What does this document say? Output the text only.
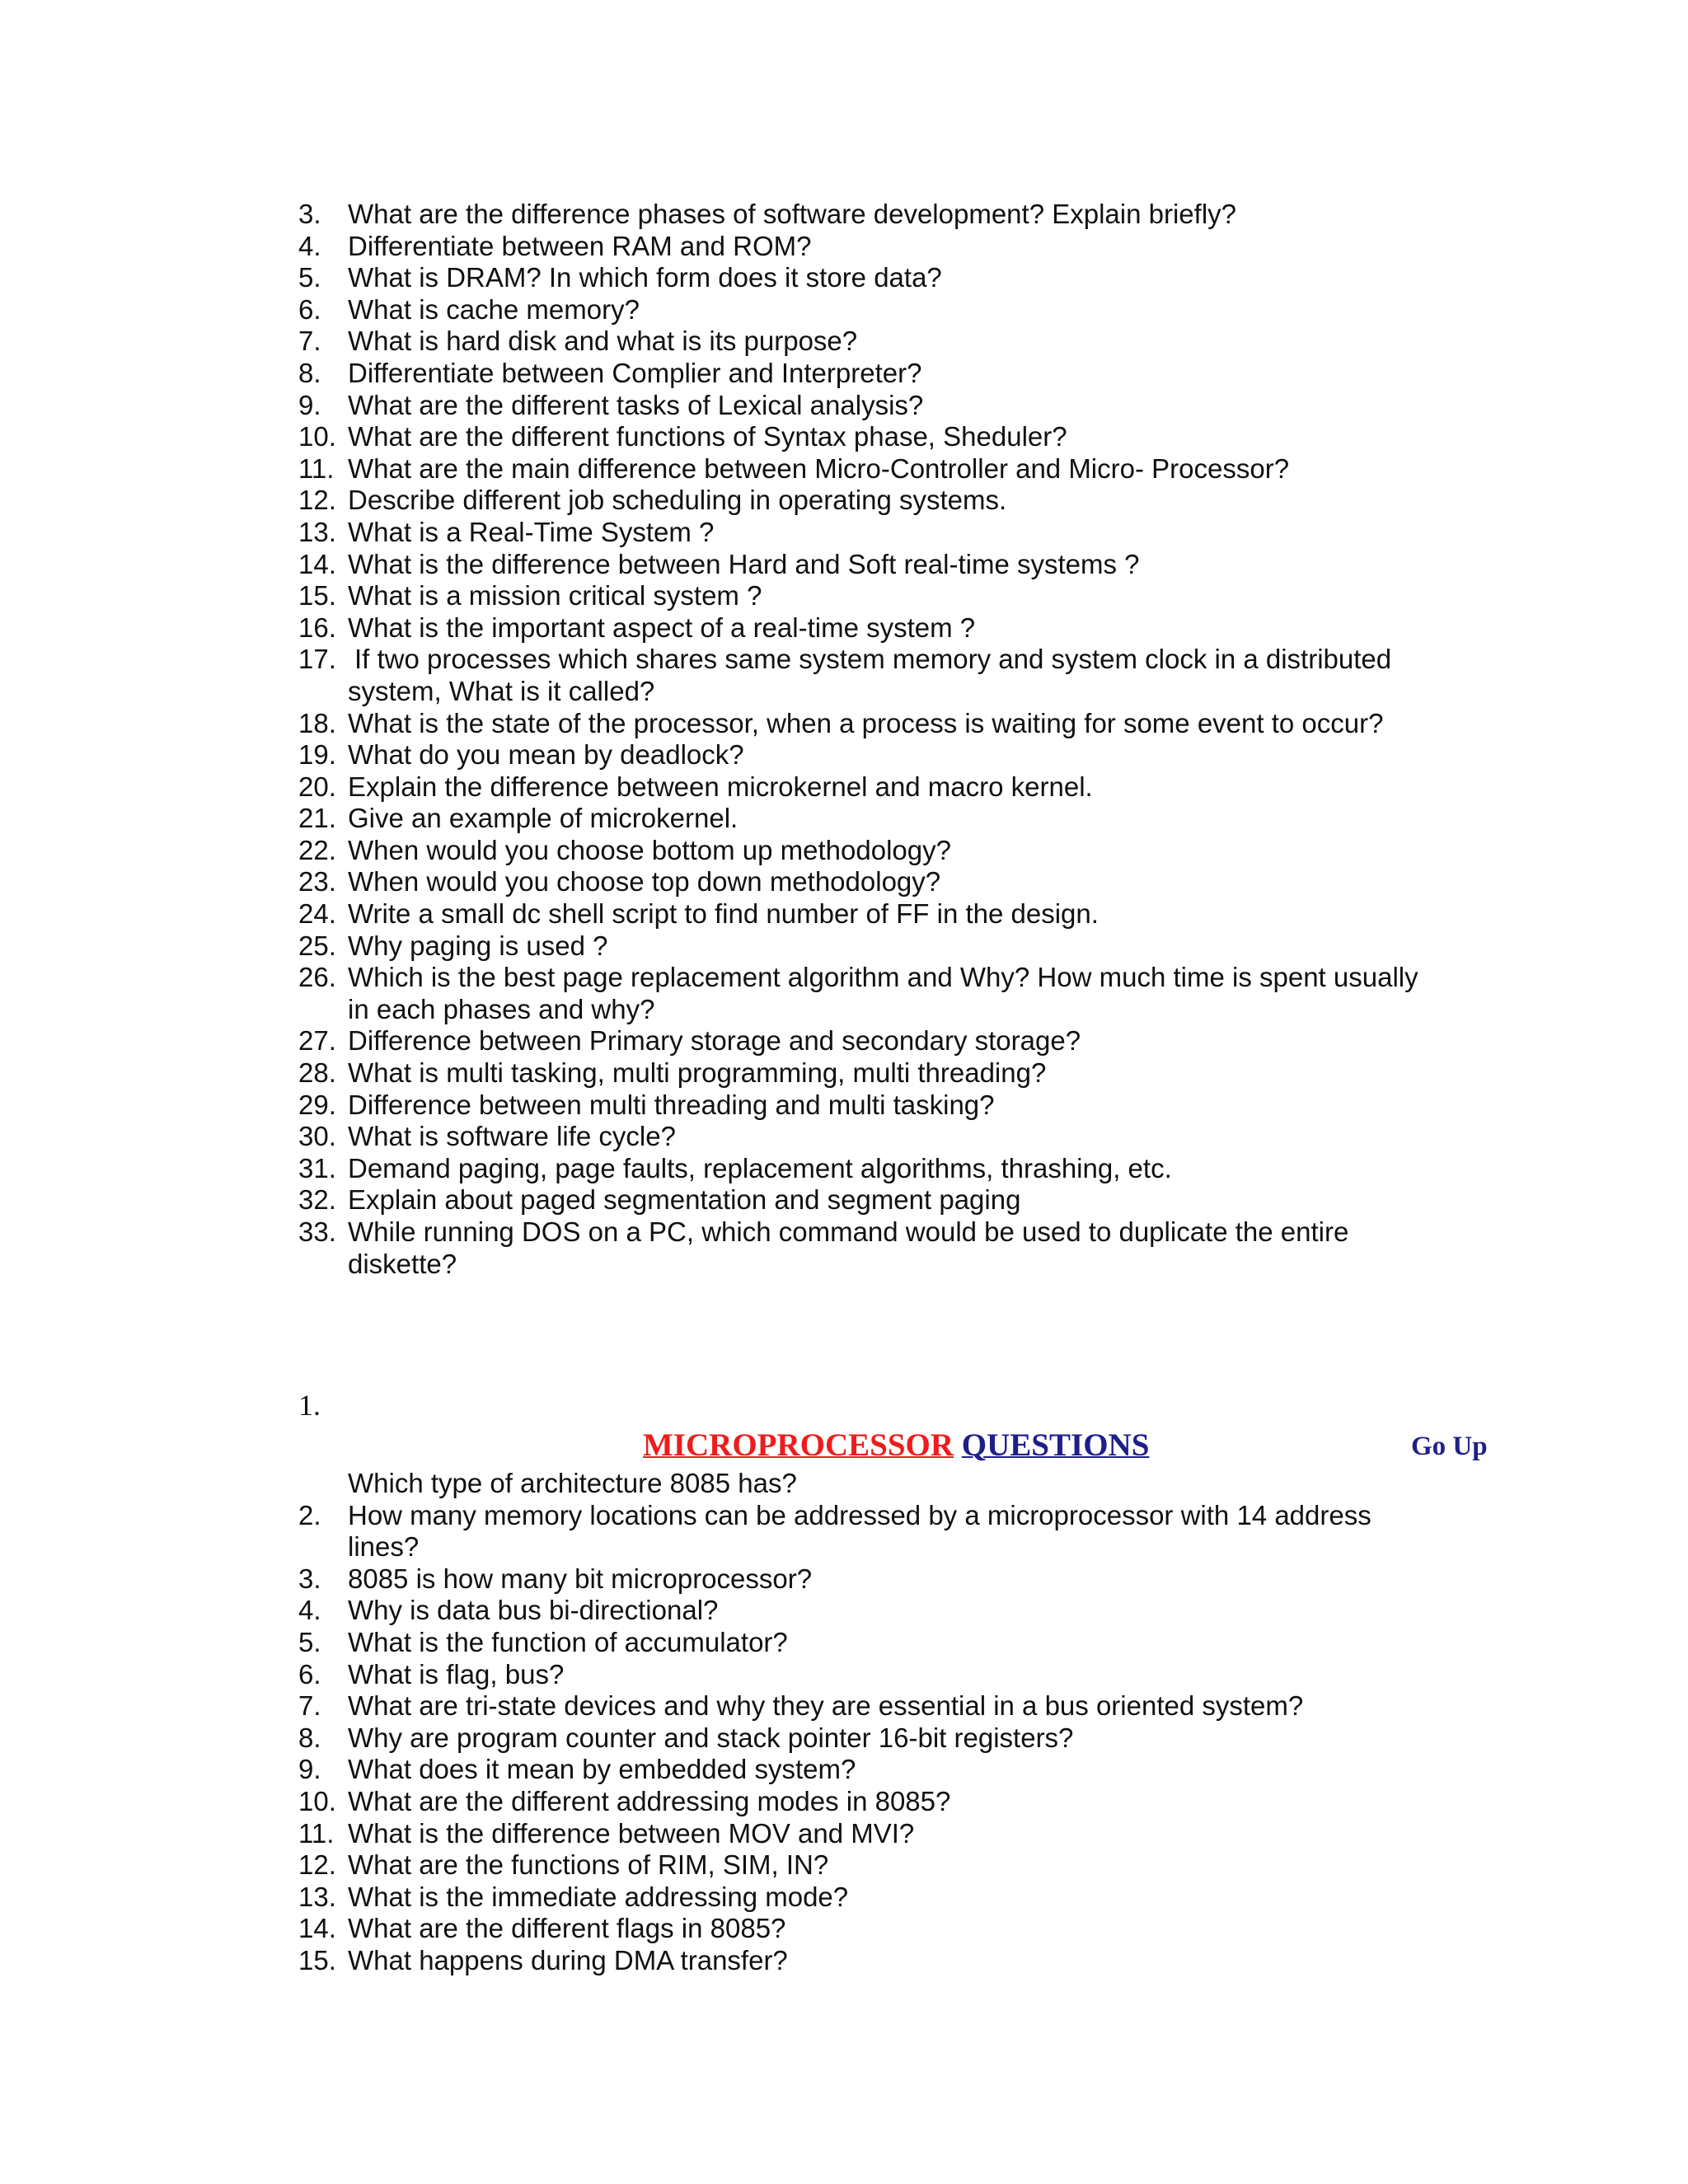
3. What are the difference phases of software development? Explain briefly?
4. Differentiate between RAM and ROM?
5. What is DRAM? In which form does it store data?
6. What is cache memory?
7. What is hard disk and what is its purpose?
8. Differentiate between Complier and Interpreter?
9. What are the different tasks of Lexical analysis?
10. What are the different functions of Syntax phase, Sheduler?
11. What are the main difference between Micro-Controller and Micro- Processor?
12. Describe different job scheduling in operating systems.
13. What is a Real-Time System ?
14. What is the difference between Hard and Soft real-time systems ?
15. What is a mission critical system ?
16. What is the important aspect of a real-time system ?
17. If two processes which shares same system memory and system clock in a distributed
system, What is it called?
18. What is the state of the processor, when a process is waiting for some event to occur?
19. What do you mean by deadlock?
20. Explain the difference between microkernel and macro kernel.
21. Give an example of microkernel.
22. When would you choose bottom up methodology?
23. When would you choose top down methodology?
24. Write a small dc shell script to find number of FF in the design.
25. Why paging is used ?
26. Which is the best page replacement algorithm and Why? How much time is spent usually
in each phases and why?
27. Difference between Primary storage and secondary storage?
28. What is multi tasking, multi programming, multi threading?
29. Difference between multi threading and multi tasking?
30. What is software life cycle?
31. Demand paging, page faults, replacement algorithms, thrashing, etc.
32. Explain about paged segmentation and segment paging
33. While running DOS on a PC, which command would be used to duplicate the entire
diskette?
1.
MICROPROCESSOR QUESTIONS	Go Up
Which type of architecture 8085 has?
2. How many memory locations can be addressed by a microprocessor with 14 address
lines?
3. 8085 is how many bit microprocessor?
4. Why is data bus bi-directional?
5. What is the function of accumulator?
6. What is flag, bus?
7. What are tri-state devices and why they are essential in a bus oriented system?
8. Why are program counter and stack pointer 16-bit registers?
9. What does it mean by embedded system?
10. What are the different addressing modes in 8085?
11. What is the difference between MOV and MVI?
12. What are the functions of RIM, SIM, IN?
13. What is the immediate addressing mode?
14. What are the different flags in 8085?
15. What happens during DMA transfer?
